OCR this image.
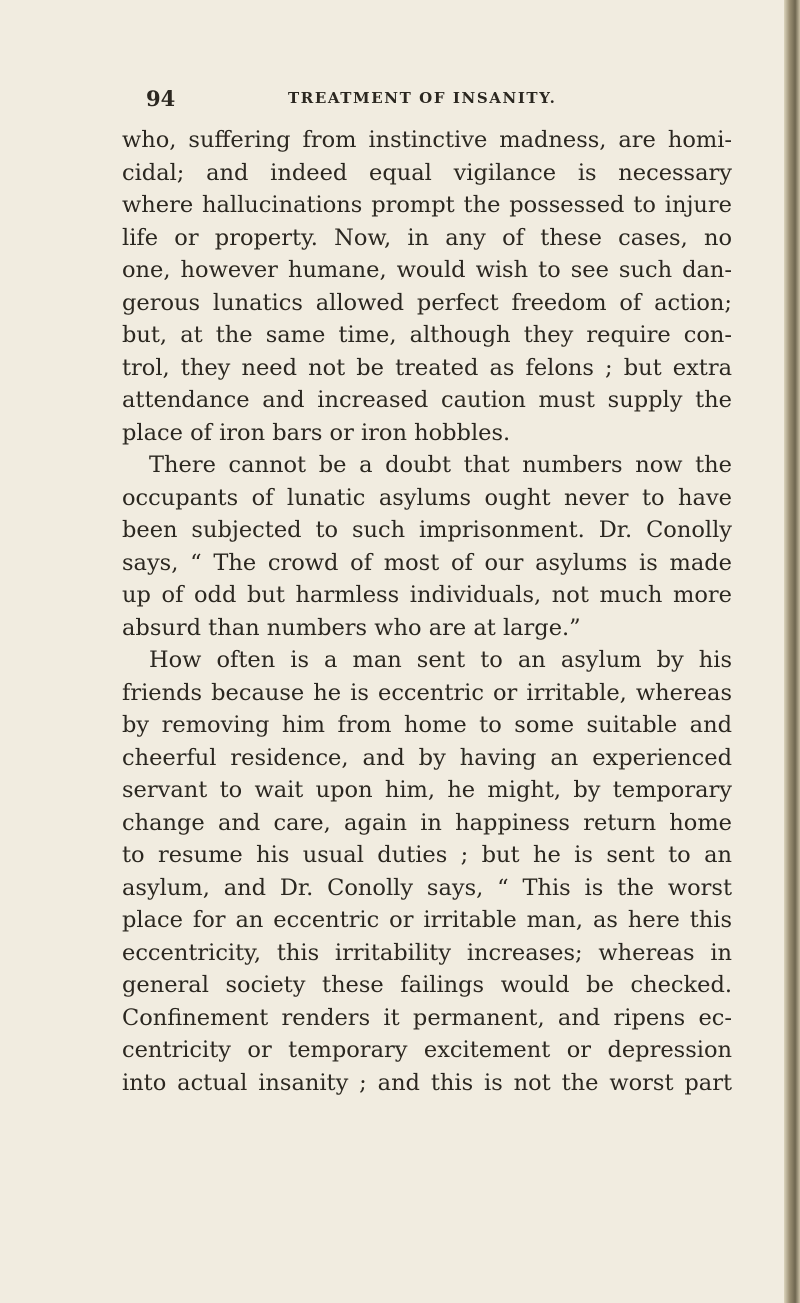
94	TREATMENT OF INSANITY.
who, suffering from instinctive madness, are homi-
cidal; and indeed equal vigilance is necessary
where hallucinations prompt the possessed to injure
life or property. Now, in any of these cases, no
one, however humane, would wish to see such dan-
gerous lunatics allowed perfect freedom of action;
but, at the same time, although they require con-
trol, they need not be treated as felons ; but extra
attendance and increased caution must supply the
place of iron bars or iron hobbles.
There cannot be a doubt that numbers now the
occupants of lunatic asylums ought never to have
been subjected to such imprisonment. Dr. Conolly
says, “ The crowd of most of our asylums is made
up of odd but harmless individuals, not much more
absurd than numbers who are at large.”
How often is a man sent to an asylum by his
friends because he is eccentric or irritable, whereas
by removing him from home to some suitable and
cheerful residence, and by having an experienced
servant to wait upon him, he might, by temporary
change and care, again in happiness return home
to resume his usual duties ; but he is sent to an
asylum, and Dr. Conolly says, “ This is the worst
place for an eccentric or irritable man, as here this
eccentricity, this irritability increases; whereas in
general society these failings would be checked.
Confinement renders it permanent, and ripens ec-
centricity or temporary excitement or depression
into actual insanity ; and this is not the worst part
